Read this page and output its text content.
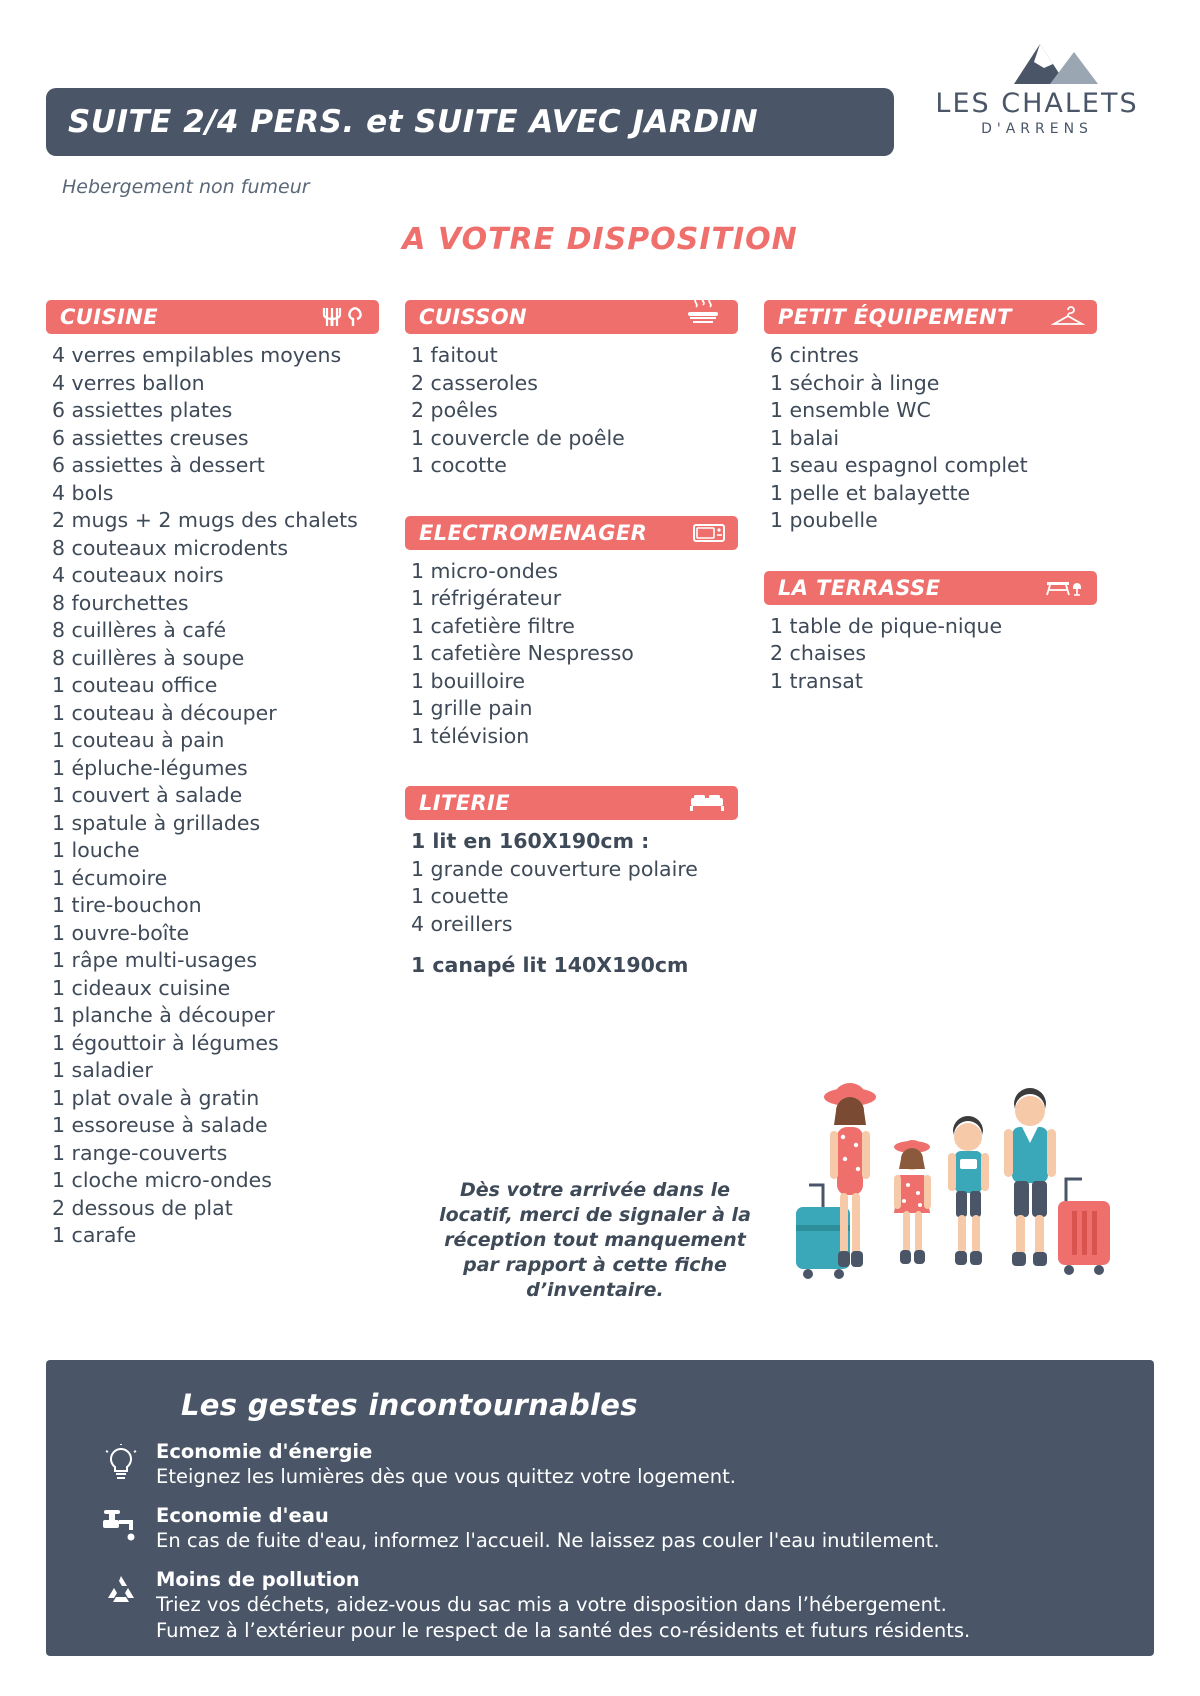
SUITE 2/4 PERS. et SUITE AVEC JARDIN
Hebergement non fumeur
LES CHALETS
D'ARRENS
A VOTRE DISPOSITION
CUISINE
4 verres empilables moyens
4 verres ballon
6 assiettes plates
6 assiettes creuses
6 assiettes à dessert
4 bols
2 mugs + 2 mugs des chalets
8 couteaux microdents
4 couteaux noirs
8 fourchettes
8 cuillères à café
8 cuillères à soupe
1 couteau office
1 couteau à découper
1 couteau à pain
1 épluche-légumes
1 couvert à salade
1 spatule à grillades
1 louche
1 écumoire
1 tire-bouchon
1 ouvre-boîte
1 râpe multi-usages
1 cideaux cuisine
1 planche à découper
1 égouttoir à légumes
1 saladier
1 plat ovale à gratin
1 essoreuse à salade
1 range-couverts
1 cloche micro-ondes
2 dessous de plat
1 carafe
CUISSON
1 faitout
2 casseroles
2 poêles
1 couvercle de poêle
1 cocotte
ELECTROMENAGER
1 micro-ondes
1 réfrigérateur
1 cafetière filtre
1 cafetière Nespresso
1 bouilloire
1 grille pain
1 télévision
LITERIE
1 lit en 160X190cm :
1 grande couverture polaire
1 couette
4 oreillers
1 canapé lit 140X190cm
PETIT ÉQUIPEMENT
6 cintres
1 séchoir à linge
1 ensemble WC
1 balai
1 seau espagnol complet
1 pelle et balayette
1 poubelle
LA TERRASSE
1 table de pique-nique
2 chaises
1 transat
Dès votre arrivée dans le locatif, merci de signaler à la réception tout manquement par rapport à cette fiche d’inventaire.
Les gestes incontournables
Economie d'énergie
Eteignez les lumières dès que vous quittez votre logement.
Economie d'eau
En cas de fuite d'eau, informez l'accueil. Ne laissez pas couler l'eau inutilement.
Moins de pollution
Triez vos déchets, aidez-vous du sac mis a votre disposition dans l’hébergement.
Fumez à l’extérieur pour le respect de la santé des co-résidents et futurs résidents.
